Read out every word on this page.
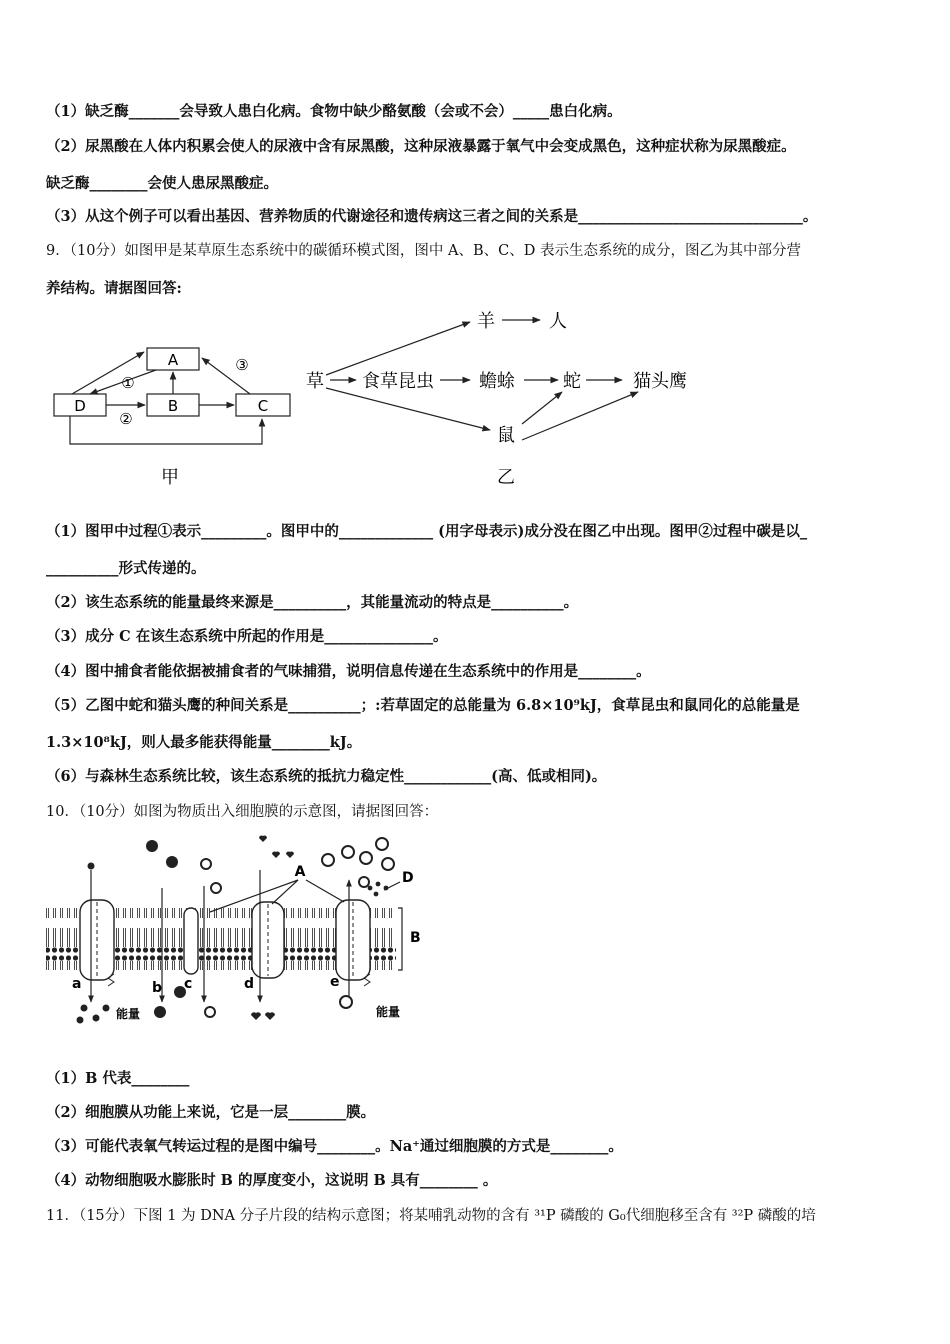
（1）缺乏酶_______会导致人患白化病。食物中缺少酪氨酸（会或不会）_____患白化病。
（2）尿黑酸在人体内积累会使人的尿液中含有尿黑酸，这种尿液暴露于氧气中会变成黑色，这种症状称为尿黑酸症。
缺乏酶________会使人患尿黑酸症。
（3）从这个例子可以看出基因、营养物质的代谢途径和遗传病这三者之间的关系是_______________________________。
9．（10分）如图甲是某草原生态系统中的碳循环模式图，图中 A、B、C、D 表示生态系统的成分，图乙为其中部分营
养结构。请据图回答:
A
B	C
D
①
②
③
甲
羊	人
草 食草昆虫	蟾蜍	蛇	猫头鹰
鼠
乙
（1）图甲中过程①表示_________。图甲中的_____________ (用字母表示)成分没在图乙中出现。图甲②过程中碳是以_
__________形式传递的。
（2）该生态系统的能量最终来源是__________，其能量流动的特点是__________。
（3）成分 C 在该生态系统中所起的作用是_______________。
（4）图中捕食者能依据被捕食者的气味捕猎，说明信息传递在生态系统中的作用是________。
（5）乙图中蛇和猫头鹰的种间关系是__________；:若草固定的总能量为 6.8×10⁹kJ，食草昆虫和鼠同化的总能量是
1.3×10⁸kJ，则人最多能获得能量________kJ。
（6）与森林生态系统比较，该生态系统的抵抗力稳定性____________(高、低或相同)。
10．（10分）如图为物质出入细胞膜的示意图，请据图回答：
A
B
D
a	b c	d	e
能量	能量
（1）B 代表________
（2）细胞膜从功能上来说，它是一层________膜。
（3）可能代表氧气转运过程的是图中编号________。Na⁺通过细胞膜的方式是________。
（4）动物细胞吸水膨胀时 B 的厚度变小，这说明 B 具有________ 。
11．（15分）下图 1 为 DNA 分子片段的结构示意图；将某哺乳动物的含有 ³¹P 磷酸的 G₀代细胞移至含有 ³²P 磷酸的培
